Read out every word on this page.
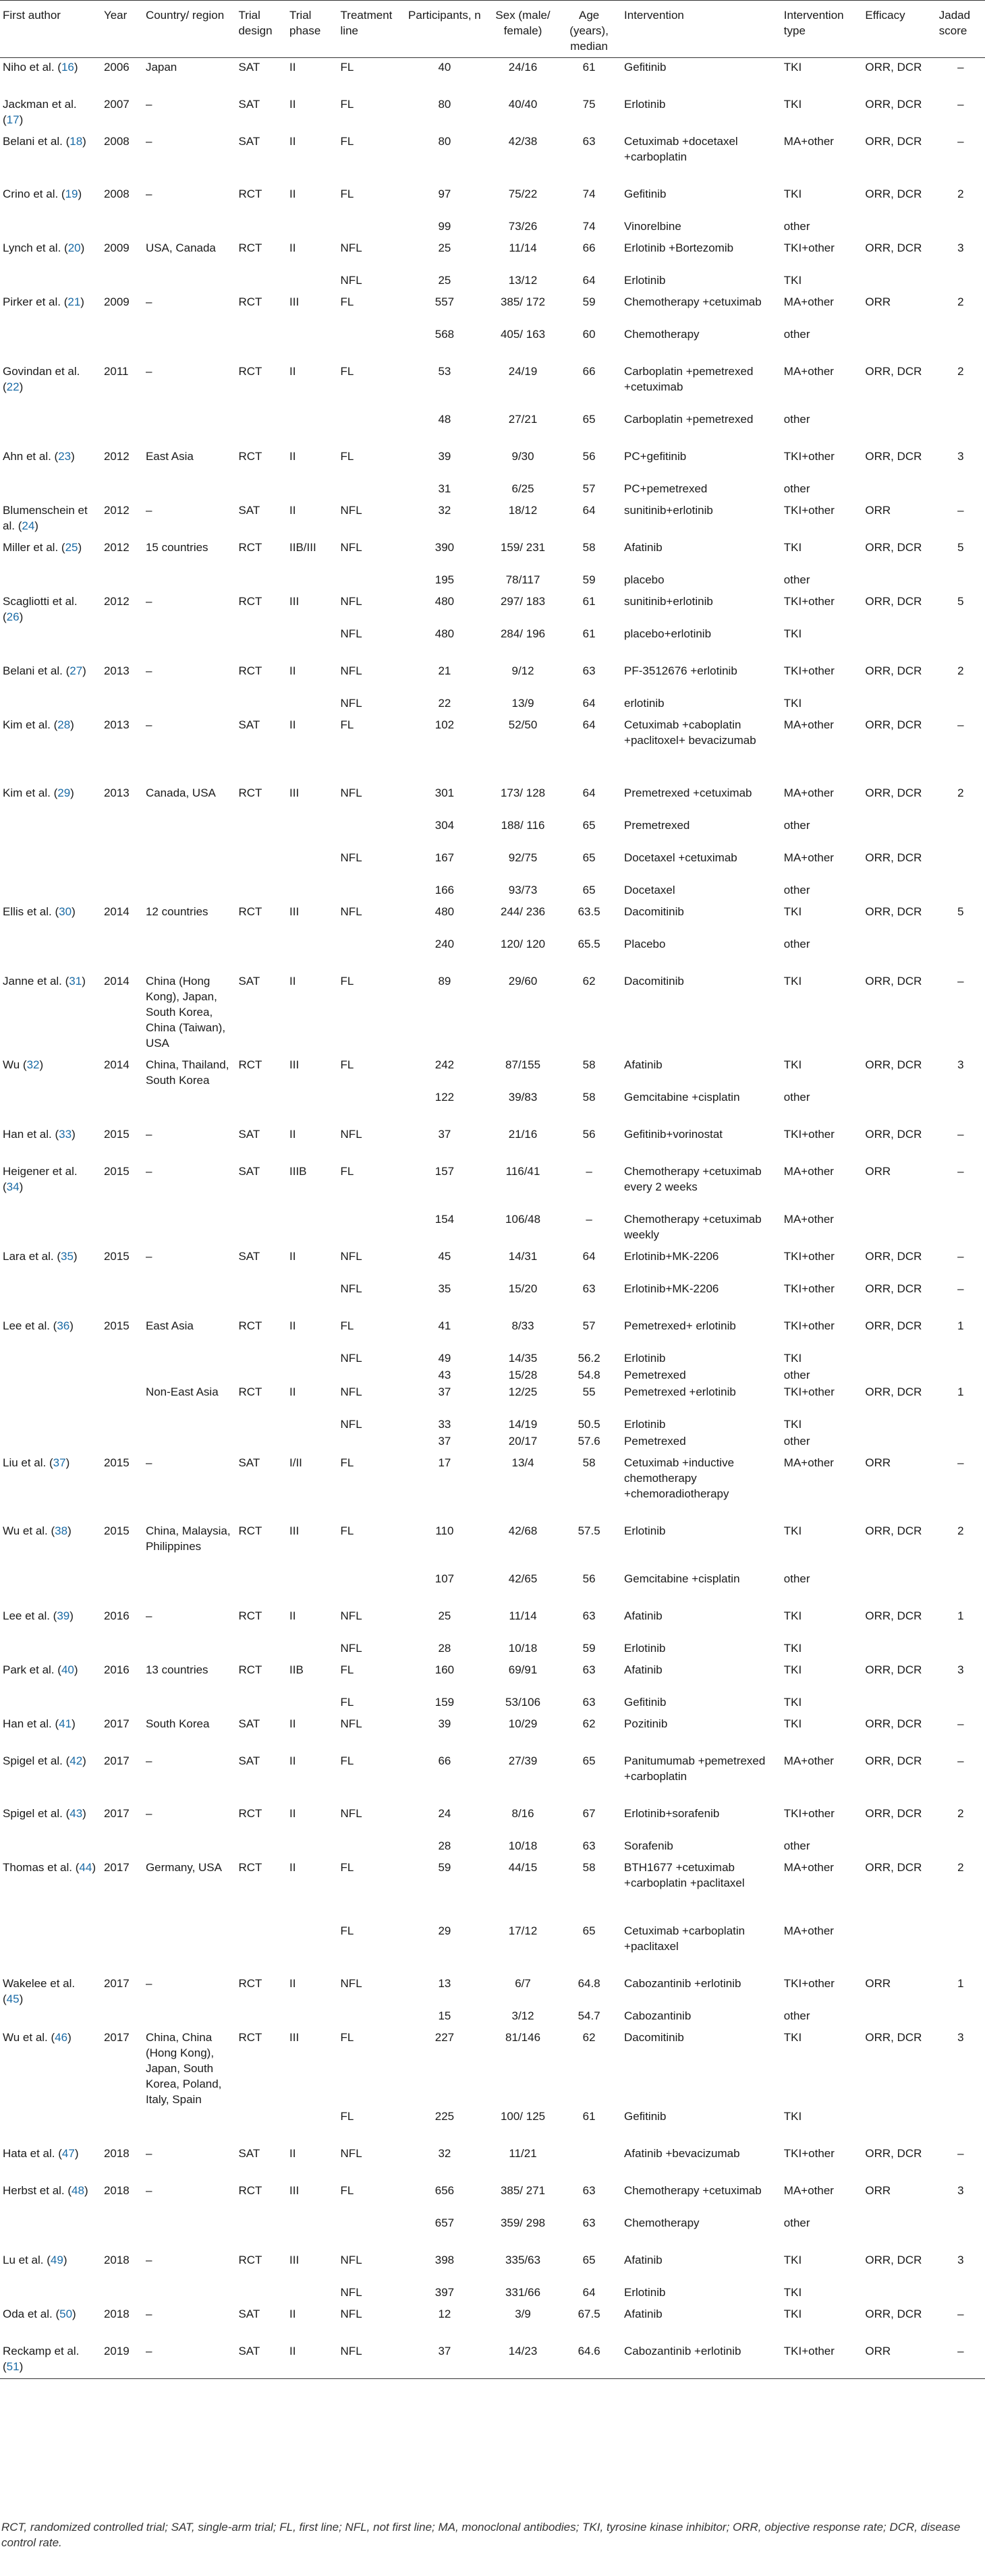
First author	Year	Country/ region	Trial design	Trial phase	Treatment line	Participants, n	Sex (male/ female)	Age (years), median	Intervention	Intervention type	Efficacy	Jadad score
Niho et al. (16)	2006	Japan	SAT	II	FL	40	24/16	61	Gefitinib	TKI	ORR, DCR	–

Jackman et al. (17)	2007	–	SAT	II	FL	80	40/40	75	Erlotinib	TKI	ORR, DCR	–

Belani et al. (18)	2008	–	SAT	II	FL	80	42/38	63	Cetuximab +docetaxel +carboplatin	MA+other	ORR, DCR	–

Crino et al. (19)	2008	–	RCT	II	FL	97	75/22	74	Gefitinib	TKI	ORR, DCR	2
						99	73/26	74	Vinorelbine	other		

Lynch et al. (20)	2009	USA, Canada	RCT	II	NFL	25	11/14	66	Erlotinib +Bortezomib	TKI+other	ORR, DCR	3
					NFL	25	13/12	64	Erlotinib	TKI		

Pirker et al. (21)	2009	–	RCT	III	FL	557	385/ 172	59	Chemotherapy +cetuximab	MA+other	ORR	2
						568	405/ 163	60	Chemotherapy	other		

Govindan et al. (22)	2011	–	RCT	II	FL	53	24/19	66	Carboplatin +pemetrexed +cetuximab	MA+other	ORR, DCR	2
						48	27/21	65	Carboplatin +pemetrexed	other		

Ahn et al. (23)	2012	East Asia	RCT	II	FL	39	9/30	56	PC+gefitinib	TKI+other	ORR, DCR	3
						31	6/25	57	PC+pemetrexed	other		

Blumenschein et al. (24)	2012	–	SAT	II	NFL	32	18/12	64	sunitinib+erlotinib	TKI+other	ORR	–

Miller et al. (25)	2012	15 countries	RCT	IIB/III	NFL	390	159/ 231	58	Afatinib	TKI	ORR, DCR	5
						195	78/117	59	placebo	other		

Scagliotti et al. (26)	2012	–	RCT	III	NFL	480	297/ 183	61	sunitinib+erlotinib	TKI+other	ORR, DCR	5
					NFL	480	284/ 196	61	placebo+erlotinib	TKI		

Belani et al. (27)	2013	–	RCT	II	NFL	21	9/12	63	PF-3512676 +erlotinib	TKI+other	ORR, DCR	2
					NFL	22	13/9	64	erlotinib	TKI		

Kim et al. (28)	2013	–	SAT	II	FL	102	52/50	64	Cetuximab +caboplatin +paclitoxel+ bevacizumab	MA+other	ORR, DCR	–

Kim et al. (29)	2013	Canada, USA	RCT	III	NFL	301	173/ 128	64	Premetrexed +cetuximab	MA+other	ORR, DCR	2
						304	188/ 116	65	Premetrexed	other		
					NFL	167	92/75	65	Docetaxel +cetuximab	MA+other	ORR, DCR	
						166	93/73	65	Docetaxel	other		

Ellis et al. (30)	2014	12 countries	RCT	III	NFL	480	244/ 236	63.5	Dacomitinib	TKI	ORR, DCR	5
						240	120/ 120	65.5	Placebo	other		

Janne et al. (31)	2014	China (Hong Kong), Japan, South Korea, China (Taiwan), USA	SAT	II	FL	89	29/60	62	Dacomitinib	TKI	ORR, DCR	–

Wu (32)	2014	China, Thailand, South Korea	RCT	III	FL	242	87/155	58	Afatinib	TKI	ORR, DCR	3
						122	39/83	58	Gemcitabine +cisplatin	other		

Han et al. (33)	2015	–	SAT	II	NFL	37	21/16	56	Gefitinib+vorinostat	TKI+other	ORR, DCR	–

Heigener et al. (34)	2015	–	SAT	IIIB	FL	157	116/41	–	Chemotherapy +cetuximab every 2 weeks	MA+other	ORR	–
						154	106/48	–	Chemotherapy +cetuximab weekly	MA+other		

Lara et al. (35)	2015	–	SAT	II	NFL	45	14/31	64	Erlotinib+MK-2206	TKI+other	ORR, DCR	–
					NFL	35	15/20	63	Erlotinib+MK-2206	TKI+other	ORR, DCR	–

Lee et al. (36)	2015	East Asia	RCT	II	FL	41	8/33	57	Pemetrexed+ erlotinib	TKI+other	ORR, DCR	1
					NFL	49	14/35	56.2	Erlotinib	TKI		
						43	15/28	54.8	Pemetrexed	other		
		Non-East Asia	RCT	II	NFL	37	12/25	55	Pemetrexed +erlotinib	TKI+other	ORR, DCR	1
					NFL	33	14/19	50.5	Erlotinib	TKI		
						37	20/17	57.6	Pemetrexed	other		

Liu et al. (37)	2015	–	SAT	I/II	FL	17	13/4	58	Cetuximab +inductive chemotherapy +chemoradiotherapy	MA+other	ORR	–

Wu et al. (38)	2015	China, Malaysia, Philippines	RCT	III	FL	110	42/68	57.5	Erlotinib	TKI	ORR, DCR	2
						107	42/65	56	Gemcitabine +cisplatin	other		

Lee et al. (39)	2016	–	RCT	II	NFL	25	11/14	63	Afatinib	TKI	ORR, DCR	1
					NFL	28	10/18	59	Erlotinib	TKI		

Park et al. (40)	2016	13 countries	RCT	IIB	FL	160	69/91	63	Afatinib	TKI	ORR, DCR	3
					FL	159	53/106	63	Gefitinib	TKI		

Han et al. (41)	2017	South Korea	SAT	II	NFL	39	10/29	62	Pozitinib	TKI	ORR, DCR	–

Spigel et al. (42)	2017	–	SAT	II	FL	66	27/39	65	Panitumumab +pemetrexed +carboplatin	MA+other	ORR, DCR	–

Spigel et al. (43)	2017	–	RCT	II	NFL	24	8/16	67	Erlotinib+sorafenib	TKI+other	ORR, DCR	2
						28	10/18	63	Sorafenib	other		

Thomas et al. (44)	2017	Germany, USA	RCT	II	FL	59	44/15	58	BTH1677 +cetuximab +carboplatin +paclitaxel	MA+other	ORR, DCR	2
					FL	29	17/12	65	Cetuximab +carboplatin +paclitaxel	MA+other		

Wakelee et al. (45)	2017	–	RCT	II	NFL	13	6/7	64.8	Cabozantinib +erlotinib	TKI+other	ORR	1
						15	3/12	54.7	Cabozantinib	other		

Wu et al. (46)	2017	China, China (Hong Kong), Japan, South Korea, Poland, Italy, Spain	RCT	III	FL	227	81/146	62	Dacomitinib	TKI	ORR, DCR	3
					FL	225	100/ 125	61	Gefitinib	TKI		

Hata et al. (47)	2018	–	SAT	II	NFL	32	11/21		Afatinib +bevacizumab	TKI+other	ORR, DCR	–

Herbst et al. (48)	2018	–	RCT	III	FL	656	385/ 271	63	Chemotherapy +cetuximab	MA+other	ORR	3
						657	359/ 298	63	Chemotherapy	other		

Lu et al. (49)	2018	–	RCT	III	NFL	398	335/63	65	Afatinib	TKI	ORR, DCR	3
					NFL	397	331/66	64	Erlotinib	TKI		

Oda et al. (50)	2018	–	SAT	II	NFL	12	3/9	67.5	Afatinib	TKI	ORR, DCR	–

Reckamp et al. (51)	2019	–	SAT	II	NFL	37	14/23	64.6	Cabozantinib +erlotinib	TKI+other	ORR	–

RCT, randomized controlled trial; SAT, single-arm trial; FL, first line; NFL, not first line; MA, monoclonal antibodies; TKI, tyrosine kinase inhibitor; ORR, objective response rate; DCR, disease control rate.
